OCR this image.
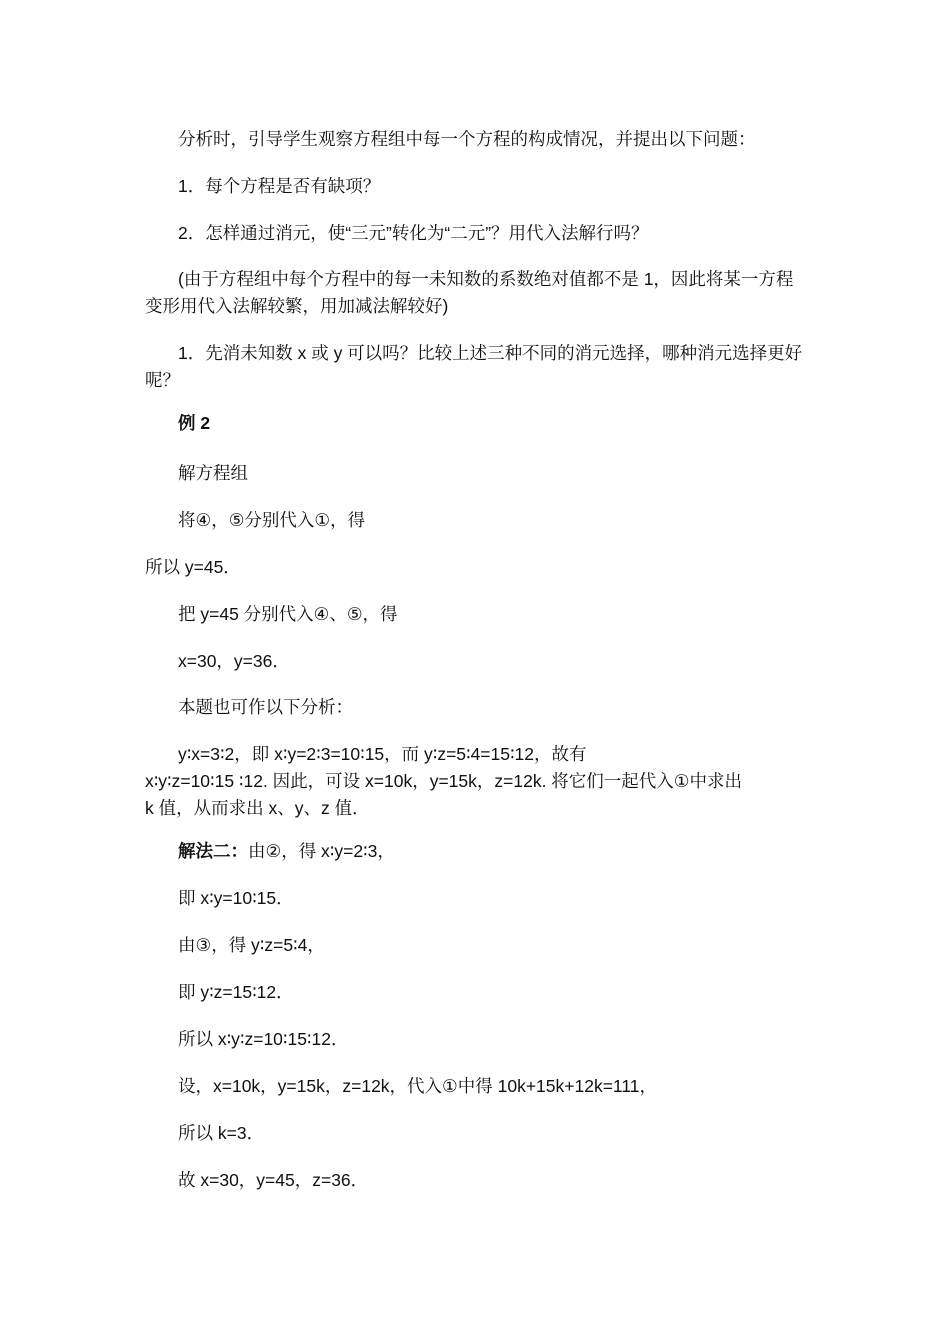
分析时，引导学生观察方程组中每一个方程的构成情况，并提出以下问题：

1．每个方程是否有缺项？

2．怎样通过消元，使“三元”转化为“二元”？用代入法解行吗？

(由于方程组中每个方程中的每一未知数的系数绝对值都不是 1，因此将某一方程变形用代入法解较繁，用加减法解较好)

1．先消未知数 x 或 y 可以吗？比较上述三种不同的消元选择，哪种消元选择更好呢？

例 2

解方程组

将④，⑤分别代入①，得

所以 y=45．

把 y=45 分别代入④、⑤，得

x=30，y=36．

本题也可作以下分析：

y∶x=3∶2，即 x∶y=2∶3=10∶15，而 y∶z=5∶4=15∶12，故有
x∶y∶z=10∶15 ∶12. 因此，可设 x=10k，y=15k，z=12k. 将它们一起代入①中求出
k 值，从而求出 x、y、z 值．

解法二：由②，得 x∶y=2∶3，

即 x∶y=10∶15．

由③，得 y∶z=5∶4，

即 y∶z=15∶12．

所以 x∶y∶z=10∶15∶12．

设，x=10k，y=15k，z=12k，代入①中得 10k+15k+12k=111，

所以 k=3．

故 x=30，y=45，z=36．
